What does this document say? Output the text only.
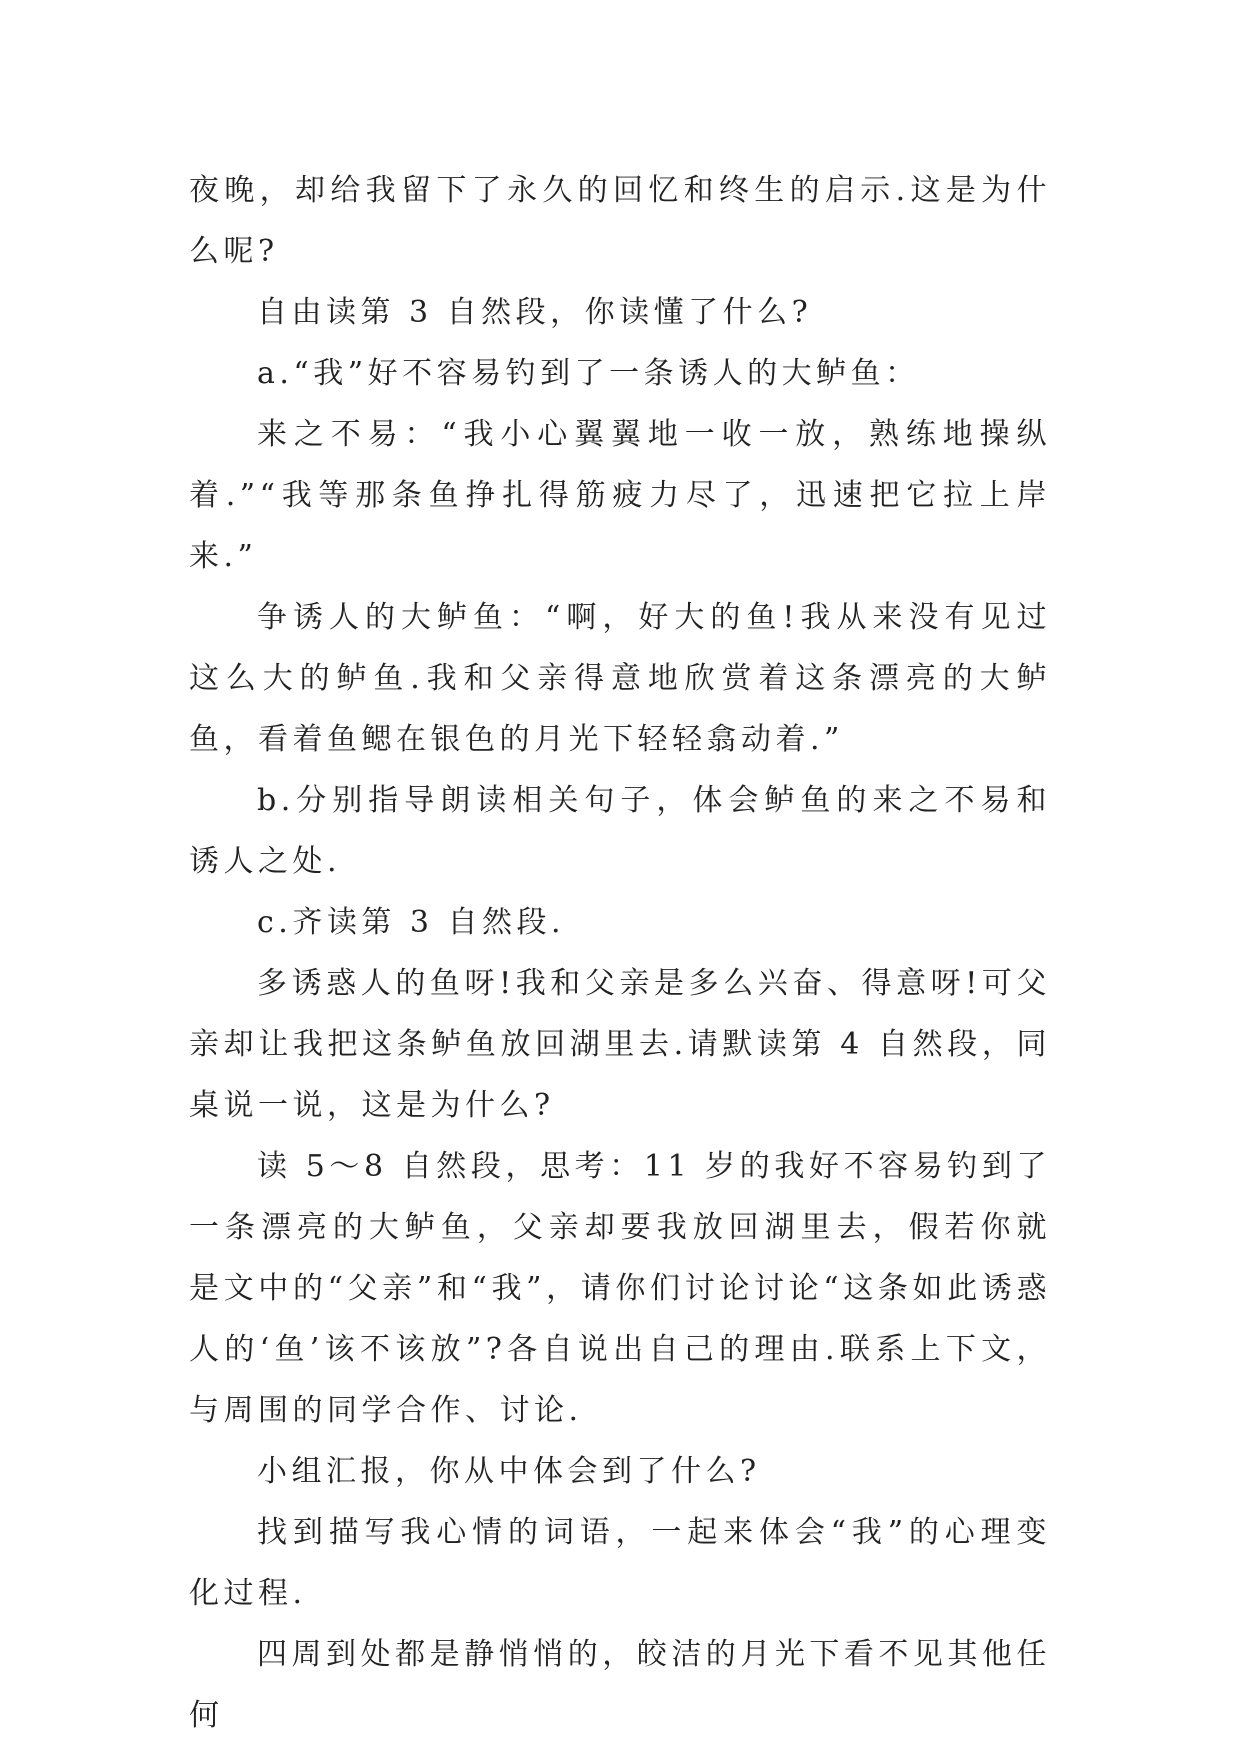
夜晚，却给我留下了永久的回忆和终生的启示.这是为什么呢?

自由读第 3 自然段，你读懂了什么?

a.“我”好不容易钓到了一条诱人的大鲈鱼：

来之不易：“我小心翼翼地一收一放，熟练地操纵着.”“我等那条鱼挣扎得筋疲力尽了，迅速把它拉上岸来.”

争诱人的大鲈鱼：“啊，好大的鱼!我从来没有见过这么大的鲈鱼.我和父亲得意地欣赏着这条漂亮的大鲈鱼，看着鱼鳃在银色的月光下轻轻翕动着.”

b.分别指导朗读相关句子，体会鲈鱼的来之不易和诱人之处.

c.齐读第 3 自然段.

多诱惑人的鱼呀!我和父亲是多么兴奋、得意呀!可父亲却让我把这条鲈鱼放回湖里去.请默读第 4 自然段，同桌说一说，这是为什么?

读 5～8 自然段，思考：11 岁的我好不容易钓到了一条漂亮的大鲈鱼，父亲却要我放回湖里去，假若你就是文中的“父亲”和“我”，请你们讨论讨论“这条如此诱惑人的‘鱼’该不该放”?各自说出自己的理由.联系上下文，与周围的同学合作、讨论.

小组汇报，你从中体会到了什么?

找到描写我心情的词语，一起来体会“我”的心理变化过程.

四周到处都是静悄悄的，皎洁的月光下看不见其他任何
